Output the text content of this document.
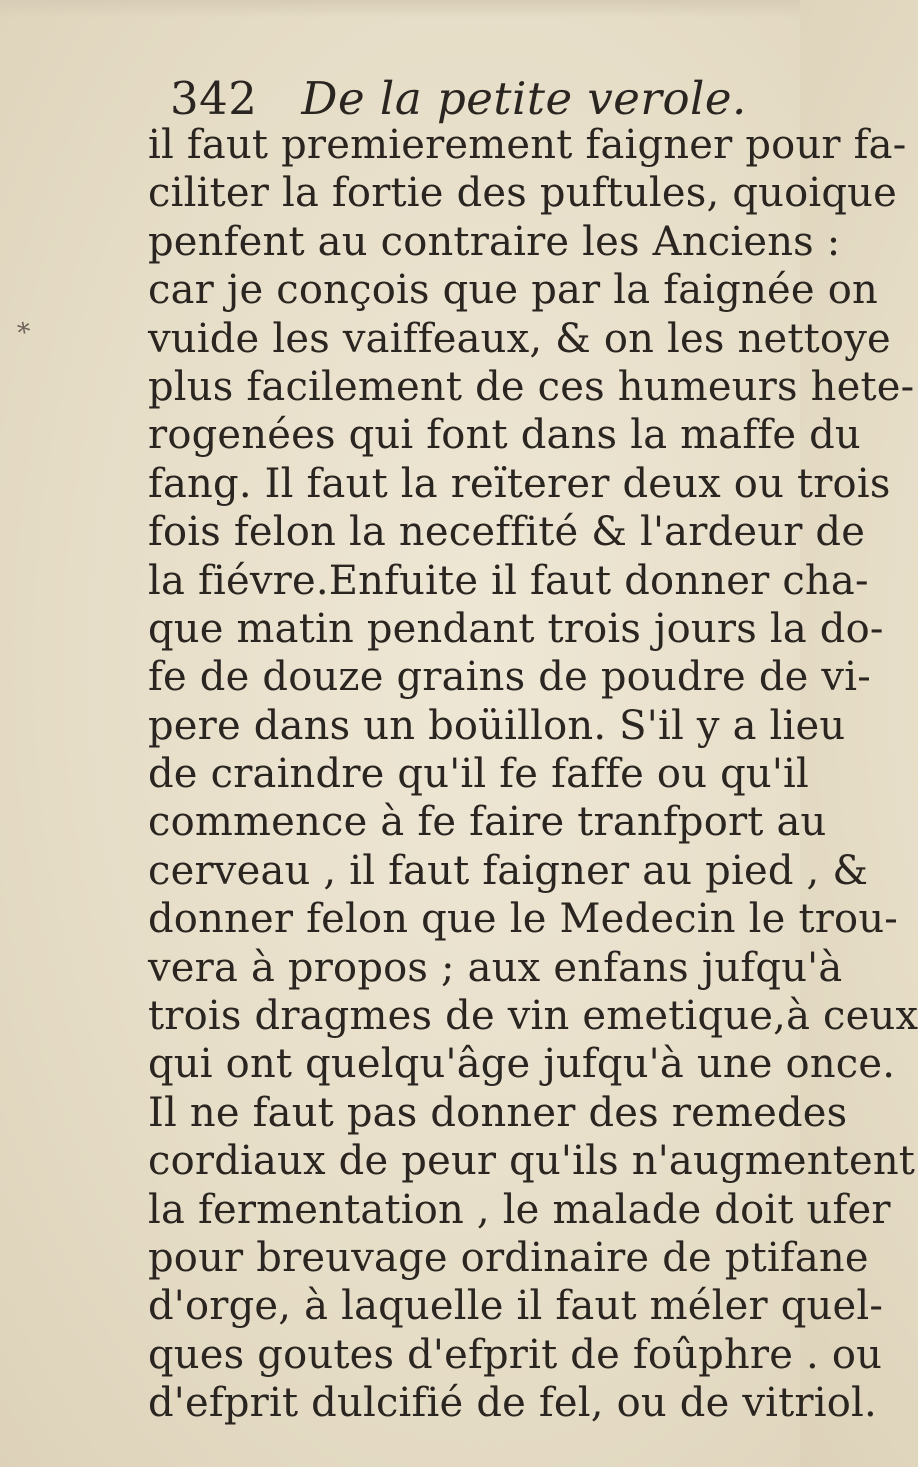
*
342 De la petite verole.
il faut premierement faigner pour fa-
ciliter la fortie des puftules, quoique
penfent au contraire les Anciens :
car je conçois que par la faignée on
vuide les vaiffeaux, & on les nettoye
plus facilement de ces humeurs hete-
rogenées qui font dans la maffe du
fang. Il faut la reïterer deux ou trois
fois felon la neceffité & l'ardeur de
la fiévre.Enfuite il faut donner cha-
que matin pendant trois jours la do-
fe de douze grains de poudre de vi-
pere dans un boüillon. S'il y a lieu
de craindre qu'il fe faffe ou qu'il
commence à fe faire tranfport au
cerveau , il faut faigner au pied , &
donner felon que le Medecin le trou-
vera à propos ; aux enfans jufqu'à
trois dragmes de vin emetique,à ceux
qui ont quelqu'âge jufqu'à une once.
Il ne faut pas donner des remedes
cordiaux de peur qu'ils n'augmentent
la fermentation , le malade doit ufer
pour breuvage ordinaire de ptifane
d'orge, à laquelle il faut méler quel-
ques goutes d'efprit de foûphre . ou
d'efprit dulcifié de fel, ou de vitriol.
